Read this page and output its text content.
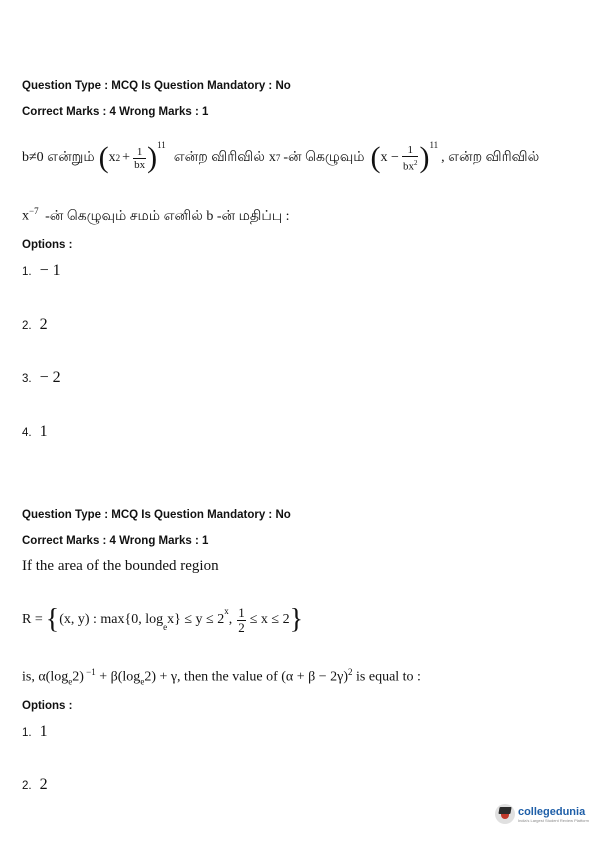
Question Type : MCQ Is Question Mandatory : No
Correct Marks : 4 Wrong Marks : 1
b≠0 என்றும் ( x $2 + \frac{1}{bx} )^{11}$
என்ற விரிவில் x 7 -ன் கெழுவும் ( $x - \frac{1}{bx^2} )^{11}$
, என்ற விரிவில்
$x^{-7}$ -ன் கெழுவும் சமம் எனில் b -ன் மதிப்பு :
Options :
1. − 1
2. 2
3. − 2
4. 1
Question Type : MCQ Is Question Mandatory : No
Correct Marks : 4 Wrong Marks : 1
If the area of the bounded region
R = { (x, y) : max{0, $\log_e x\} \le y \le 2$
$^x$
, $\frac{1}{2} \le x \le 2$ }
is, $\alpha(\log_e2) ^{-1} + \beta(\log_e2) + \gamma$, then the value of $(\alpha + \beta - 2\gamma)^2$ is equal to :
Options :
1. 1
2. 2
collegedunia
India's Largest Student Review Platform
